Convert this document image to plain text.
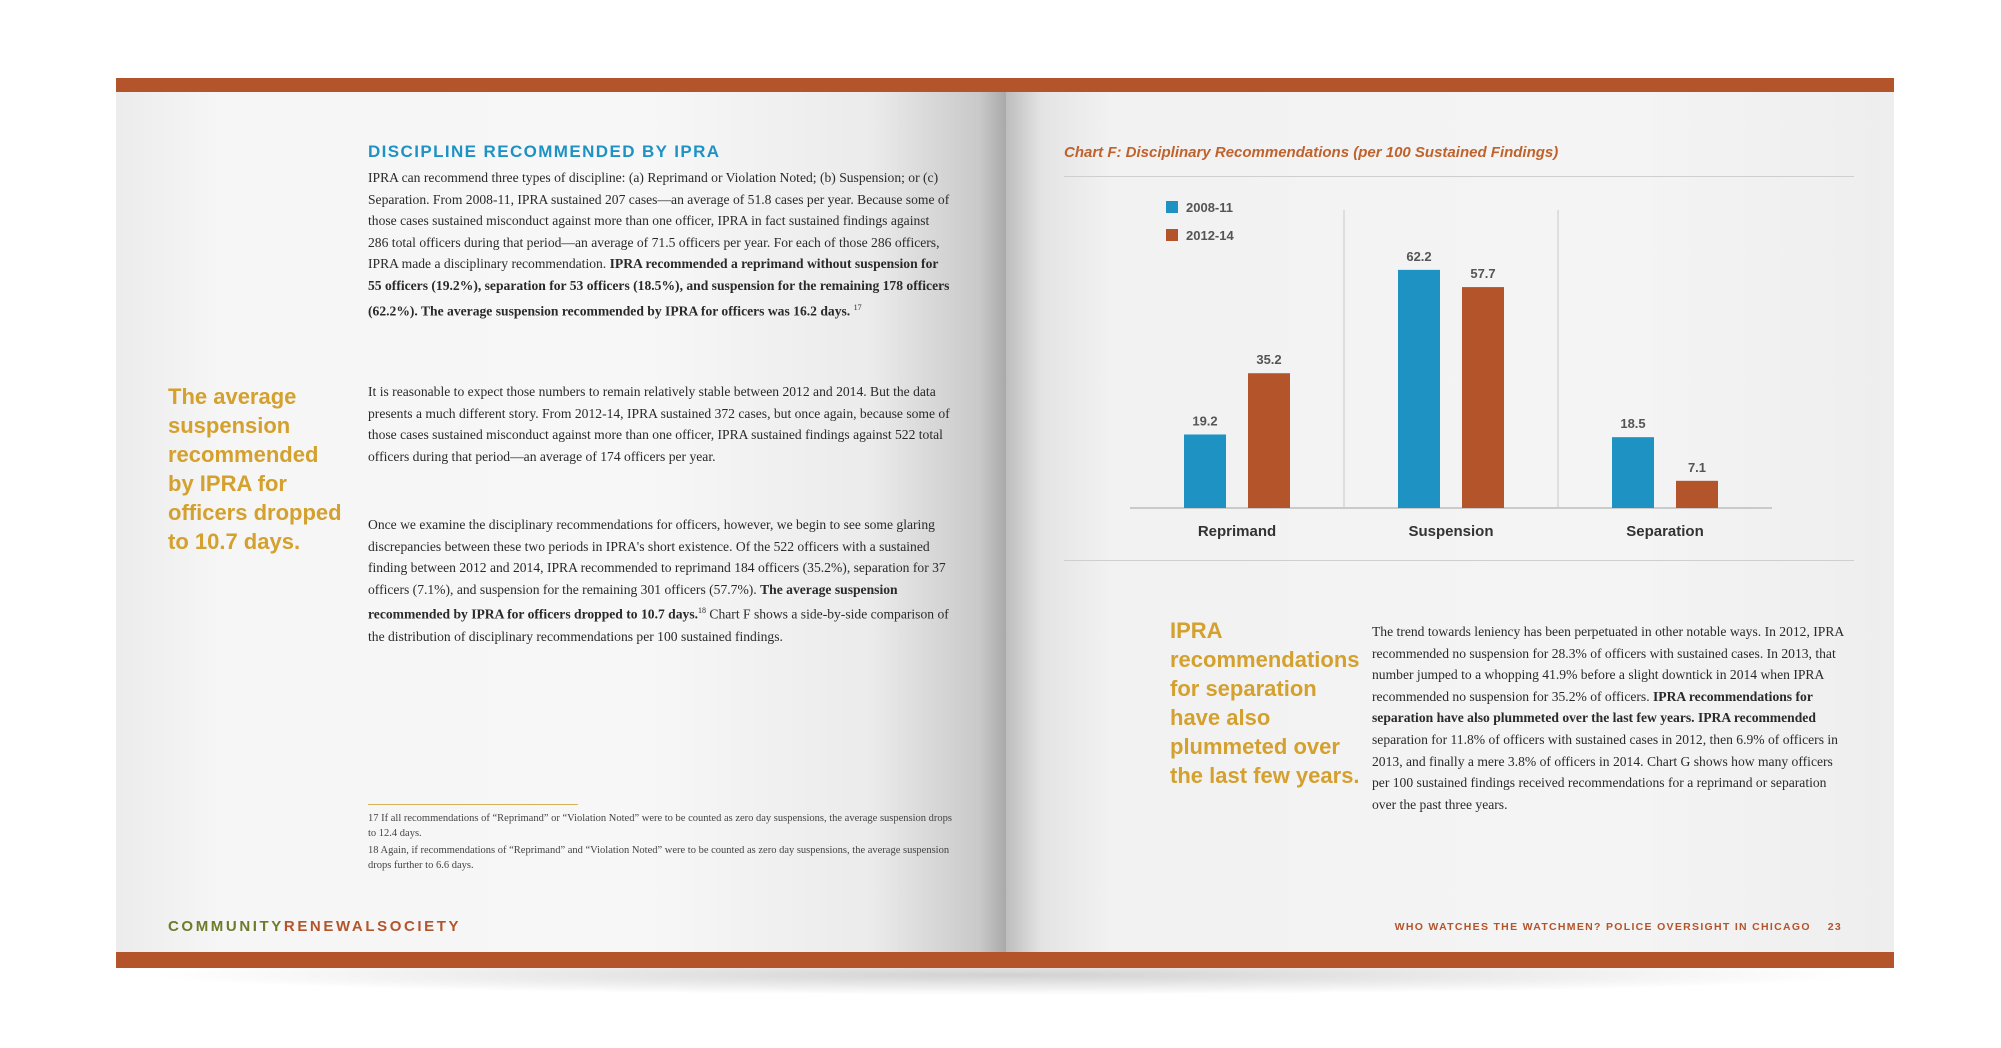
DISCIPLINE RECOMMENDED BY IPRA
IPRA can recommend three types of discipline: (a) Reprimand or Violation Noted; (b) Suspension; or (c) Separation. From 2008-11, IPRA sustained 207 cases—an average of 51.8 cases per year. Because some of those cases sustained misconduct against more than one officer, IPRA in fact sustained findings against 286 total officers during that period—an average of 71.5 officers per year. For each of those 286 officers, IPRA made a disciplinary recommendation. IPRA recommended a reprimand without suspension for 55 officers (19.2%), separation for 53 officers (18.5%), and suspension for the remaining 178 officers (62.2%). The average suspension recommended by IPRA for officers was 16.2 days. $^{17}$
It is reasonable to expect those numbers to remain relatively stable between 2012 and 2014. But the data presents a much different story. From 2012-14, IPRA sustained 372 cases, but once again, because some of those cases sustained misconduct against more than one officer, IPRA sustained findings against 522 total officers during that period—an average of 174 officers per year.
Once we examine the disciplinary recommendations for officers, however, we begin to see some glaring discrepancies between these two periods in IPRA's short existence. Of the 522 officers with a sustained finding between 2012 and 2014, IPRA recommended to reprimand 184 officers (35.2%), separation for 37 officers (7.1%), and suspension for the remaining 301 officers (57.7%). The average suspension recommended by IPRA for officers dropped to 10.7 days.$^{18}$ Chart F shows a side-by-side comparison of the distribution of disciplinary recommendations per 100 sustained findings.
The average suspension recommended by IPRA for officers dropped to 10.7 days.
17 If all recommendations of “Reprimand” or “Violation Noted” were to be counted as zero day suspensions, the average suspension drops to 12.4 days.
18 Again, if recommendations of “Reprimand” and “Violation Noted” were to be counted as zero day suspensions, the average suspension drops further to 6.6 days.
COMMUNITYRENEWALSOCIETY
Chart F: Disciplinary Recommendations (per 100 Sustained Findings)
19.2
35.2
Reprimand
62.2
57.7
Suspension
18.5
7.1
Separation
2008-11
2012-14
IPRA recommendations for separation have also plummeted over the last few years.
The trend towards leniency has been perpetuated in other notable ways. In 2012, IPRA recommended no suspension for 28.3% of officers with sustained cases. In 2013, that number jumped to a whopping 41.9% before a slight downtick in 2014 when IPRA recommended no suspension for 35.2% of officers. IPRA recommendations for separation have also plummeted over the last few years. IPRA recommended separation for 11.8% of officers with sustained cases in 2012, then 6.9% of officers in 2013, and finally a mere 3.8% of officers in 2014. Chart G shows how many officers per 100 sustained findings received recommendations for a reprimand or separation over the past three years.
WHO WATCHES THE WATCHMEN? POLICE OVERSIGHT IN CHICAGO 23
